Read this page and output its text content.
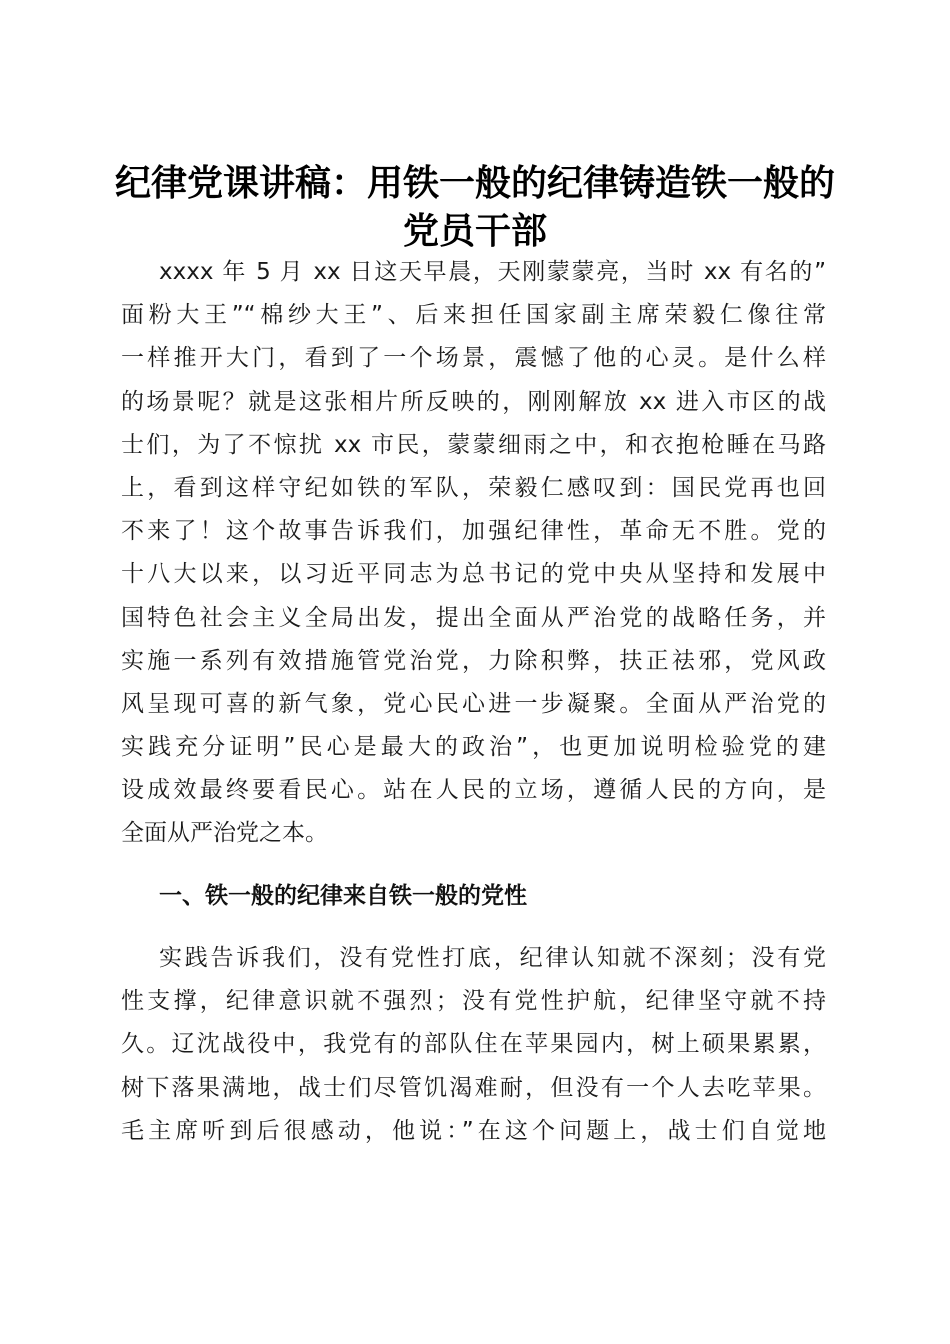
纪律党课讲稿：用铁一般的纪律铸造铁一般的
党员干部
xxxx 年 5 月 xx 日这天早晨，天刚蒙蒙亮，当时 xx 有名的”
面粉大王”“棉纱大王”、后来担任国家副主席荣毅仁像往常
一样推开大门，看到了一个场景，震憾了他的心灵。是什么样
的场景呢？就是这张相片所反映的，刚刚解放 xx 进入市区的战
士们，为了不惊扰 xx 市民，蒙蒙细雨之中，和衣抱枪睡在马路
上，看到这样守纪如铁的军队，荣毅仁感叹到：国民党再也回
不来了！这个故事告诉我们，加强纪律性，革命无不胜。党的
十八大以来，以习近平同志为总书记的党中央从坚持和发展中
国特色社会主义全局出发，提出全面从严治党的战略任务，并
实施一系列有效措施管党治党，力除积弊，扶正祛邪，党风政
风呈现可喜的新气象，党心民心进一步凝聚。全面从严治党的
实践充分证明”民心是最大的政治”，也更加说明检验党的建
设成效最终要看民心。站在人民的立场，遵循人民的方向，是
全面从严治党之本。
一、铁一般的纪律来自铁一般的党性
实践告诉我们，没有党性打底，纪律认知就不深刻；没有党
性支撑，纪律意识就不强烈；没有党性护航，纪律坚守就不持
久。辽沈战役中，我党有的部队住在苹果园内，树上硕果累累，
树下落果满地，战士们尽管饥渴难耐，但没有一个人去吃苹果。
毛主席听到后很感动，他说：”在这个问题上，战士们自觉地
